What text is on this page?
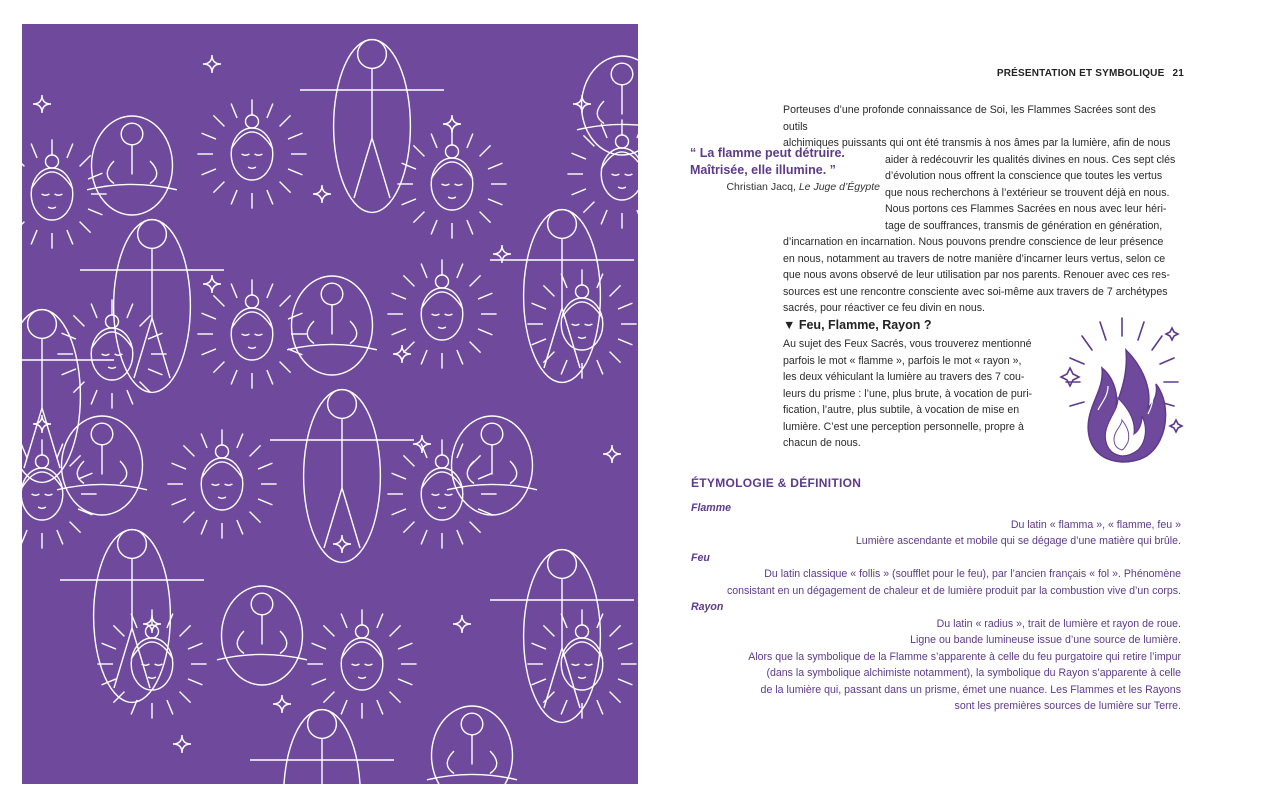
PRÉSENTATION ET SYMBOLIQUE 21
“ La flamme peut détruire.
Maîtrisée, elle illumine. ”
Christian Jacq, Le Juge d’Égypte
Porteuses d’une profonde connaissance de Soi, les Flammes Sacrées sont des outils
alchimiques puissants qui ont été transmis à nos âmes par la lumière, afin de nous
aider à redécouvrir les qualités divines en nous. Ces sept clés
d’évolution nous offrent la conscience que toutes les vertus
que nous recherchons à l’extérieur se trouvent déjà en nous.
Nous portons ces Flammes Sacrées en nous avec leur héri-
tage de souffrances, transmis de génération en génération,
d’incarnation en incarnation. Nous pouvons prendre conscience de leur présence
en nous, notamment au travers de notre manière d’incarner leurs vertus, selon ce
que nous avons observé de leur utilisation par nos parents. Renouer avec ces res-
sources est une rencontre consciente avec soi-même aux travers de 7 archétypes
sacrés, pour réactiver ce feu divin en nous.
▼ Feu, Flamme, Rayon ?
Au sujet des Feux Sacrés, vous trouverez mentionné
parfois le mot « flamme », parfois le mot « rayon »,
les deux véhiculant la lumière au travers des 7 cou-
leurs du prisme : l’une, plus brute, à vocation de puri-
fication, l’autre, plus subtile, à vocation de mise en
lumière. C’est une perception personnelle, propre à
chacun de nous.
ÉTYMOLOGIE & DÉFINITION
Flamme
Du latin « flamma », « flamme, feu »
Lumière ascendante et mobile qui se dégage d’une matière qui brûle.
Feu
Du latin classique « follis » (soufflet pour le feu), par l’ancien français « fol ». Phénomène
consistant en un dégagement de chaleur et de lumière produit par la combustion vive d’un corps.
Rayon
Du latin « radius », trait de lumière et rayon de roue.
Ligne ou bande lumineuse issue d’une source de lumière.
Alors que la symbolique de la Flamme s’apparente à celle du feu purgatoire qui retire l’impur
(dans la symbolique alchimiste notamment), la symbolique du Rayon s’apparente à celle
de la lumière qui, passant dans un prisme, émet une nuance. Les Flammes et les Rayons
sont les premières sources de lumière sur Terre.
